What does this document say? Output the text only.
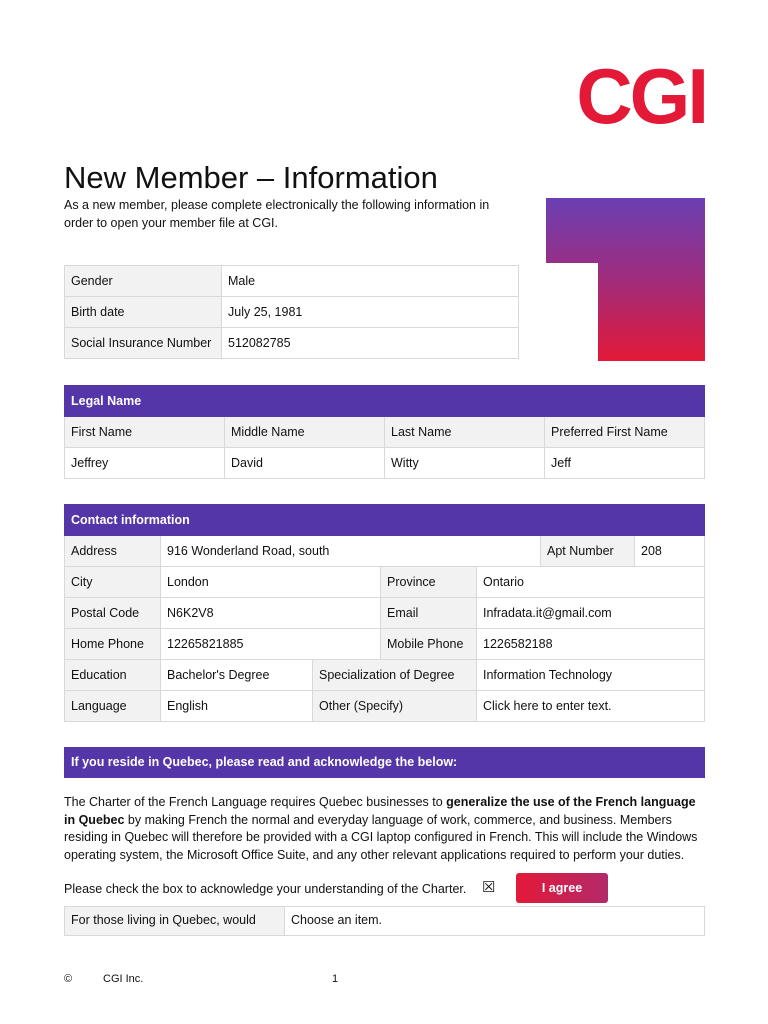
CGI
New Member – Information
As a new member, please complete electronically the following information in order to open your member file at CGI.
Gender	Male
Birth date	July 25, 1981
Social Insurance Number	512082785
Legal Name			
First Name	Middle Name	Last Name	Preferred First Name
Jeffrey	David	Witty	Jeff
Contact information						
Address	916 Wonderland Road, south				Apt Number	208
City	London		Province	Ontario		
Postal Code	N6K2V8		Email	Infradata.it@gmail.com		
Home Phone	12265821885		Mobile Phone	1226582188		
Education	Bachelor's Degree	Specialization of Degree		Information Technology		
Language	English	Other (Specify)		Click here to enter text.		
If you reside in Quebec, please read and acknowledge the below:
The Charter of the French Language requires Quebec businesses to generalize the use of the French language in Quebec by making French the normal and everyday language of work, commerce, and business. Members residing in Quebec will therefore be provided with a CGI laptop configured in French. This will include the Windows operating system, the Microsoft Office Suite, and any other relevant applications required to perform your duties.
Please check the box to acknowledge your understanding of the Charter. ☒	I agree
For those living in Quebec, would	Choose an item.
©	CGI Inc.	1
